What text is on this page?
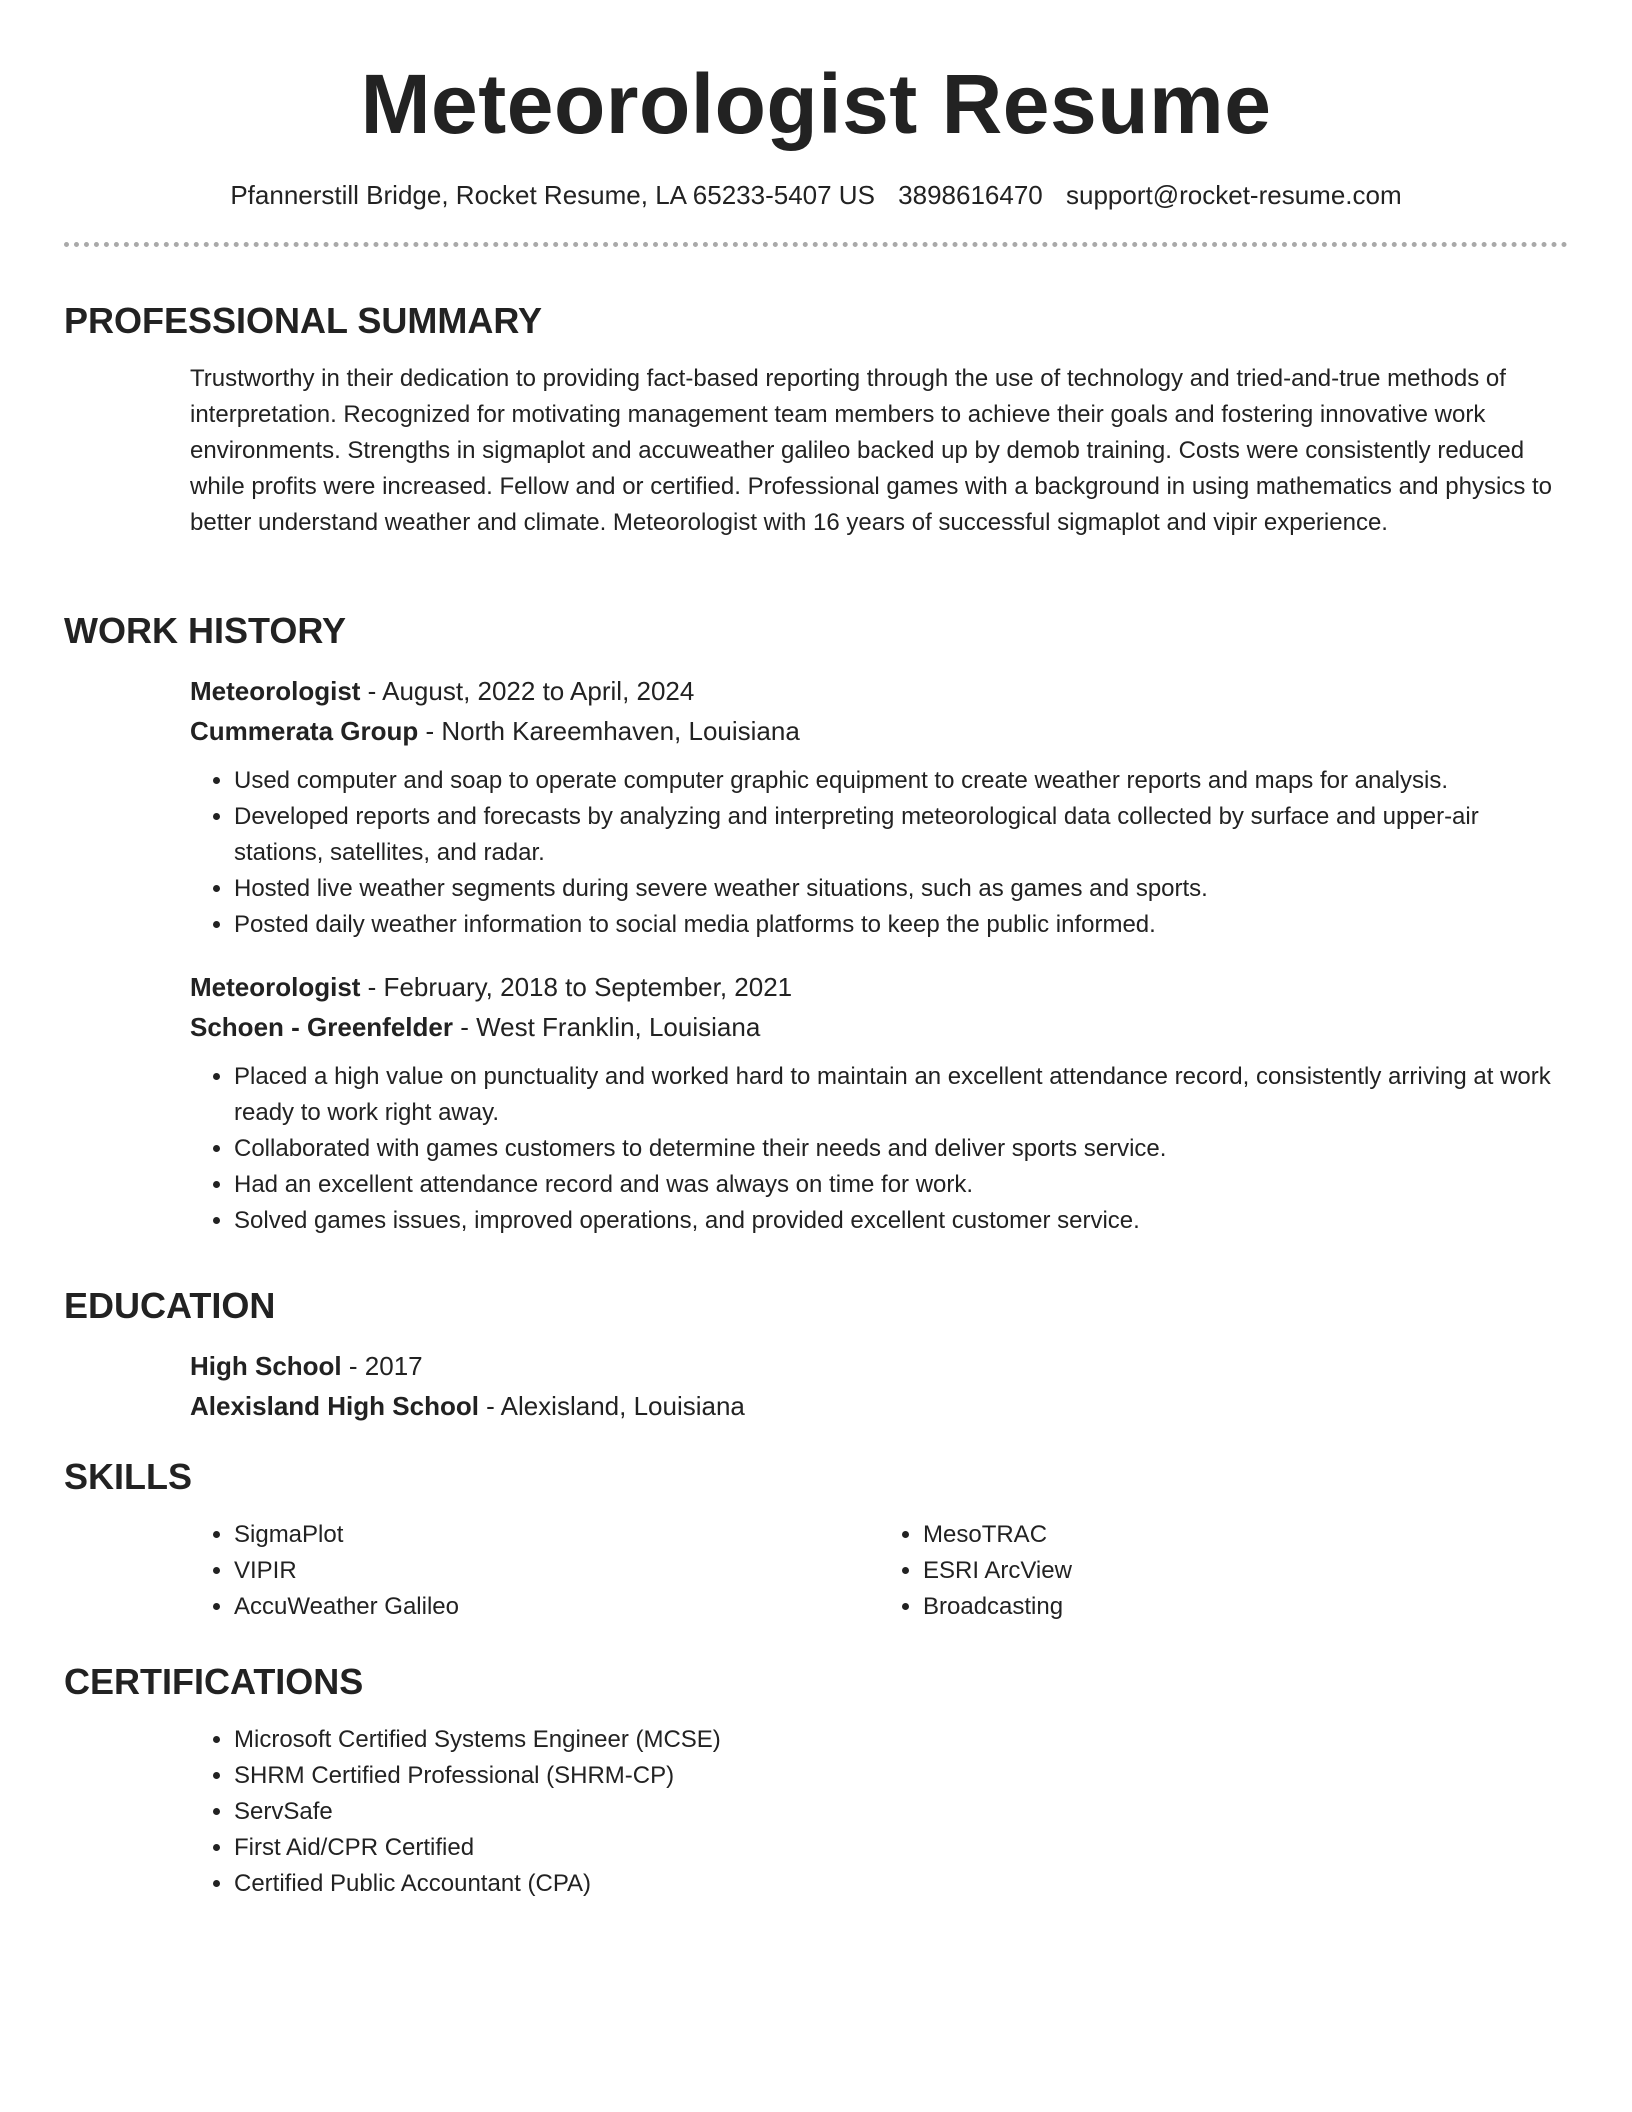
Meteorologist Resume
Pfannerstill Bridge, Rocket Resume, LA 65233-5407 US 3898616470 support@rocket-resume.com
PROFESSIONAL SUMMARY

Trustworthy in their dedication to providing fact-based reporting through the use of technology and tried-and-true methods of interpretation. Recognized for motivating management team members to achieve their goals and fostering innovative work environments. Strengths in sigmaplot and accuweather galileo backed up by demob training. Costs were consistently reduced while profits were increased. Fellow and or certified. Professional games with a background in using mathematics and physics to better understand weather and climate. Meteorologist with 16 years of successful sigmaplot and vipir experience.

WORK HISTORY
Meteorologist - August, 2022 to April, 2024
Cummerata Group - North Kareemhaven, Louisiana
• Used computer and soap to operate computer graphic equipment to create weather reports and maps for analysis.
• Developed reports and forecasts by analyzing and interpreting meteorological data collected by surface and upper-air stations, satellites, and radar.
• Hosted live weather segments during severe weather situations, such as games and sports.
• Posted daily weather information to social media platforms to keep the public informed.
Meteorologist - February, 2018 to September, 2021
Schoen - Greenfelder - West Franklin, Louisiana
• Placed a high value on punctuality and worked hard to maintain an excellent attendance record, consistently arriving at work ready to work right away.
• Collaborated with games customers to determine their needs and deliver sports service.
• Had an excellent attendance record and was always on time for work.
• Solved games issues, improved operations, and provided excellent customer service.
EDUCATION
High School - 2017
Alexisland High School - Alexisland, Louisiana
SKILLS
• SigmaPlot
• VIPIR
• AccuWeather Galileo
• MesoTRAC
• ESRI ArcView
• Broadcasting
CERTIFICATIONS
• Microsoft Certified Systems Engineer (MCSE)
• SHRM Certified Professional (SHRM-CP)
• ServSafe
• First Aid/CPR Certified
• Certified Public Accountant (CPA)
